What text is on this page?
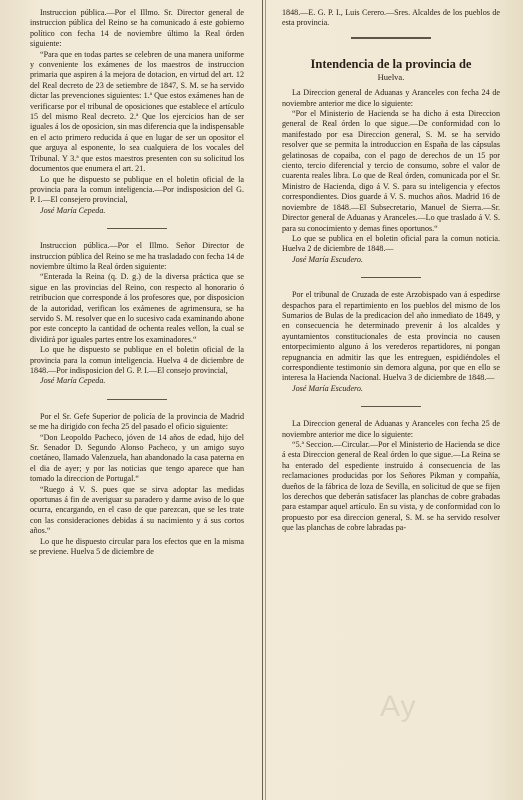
Instruccion pública.—Por el Illmo. Sr. Director general de instruccion pública del Reino se ha comunicado á este gobierno político con fecha 14 de noviembre último la Real órden siguiente:

“Para que en todas partes se celebren de una manera uniforme y conveniente los exámenes de los maestros de instruccion primaria que aspiren á la mejora de dotacion, en virtud del art. 12 del Real decreto de 23 de setiembre de 1847, S. M. se ha servido dictar las prevenciones siguientes: 1.ª Que estos exámenes han de verificarse por el tribunal de oposiciones que establece el artículo 15 del mismo Real decreto. 2.ª Que los ejercicios han de ser iguales á los de oposicion, sin mas diferencia que la indispensable en el acto primero reducida á que en lugar de ser un opositor el que arguya al esponente, lo sea cualquiera de los vocales del Tribunal. Y 3.ª que estos maestros presenten con su solicitud los documentos que enumera el art. 21.

Lo que he dispuesto se publique en el boletin oficial de la provincia para la comun inteligencia.—Por indisposicion del G. P. I.—El consejero provincial,

José María Cepeda.

Instruccion pública.—Por el Illmo. Señor Director de instruccion pública del Reino se me ha trasladado con fecha 14 de noviembre último la Real órden siguiente:

“Enterada la Reina (q. D. g.) de la diversa práctica que se sigue en las provincias del Reino, con respecto al honorario ó retribucion que corresponde á los profesores que, por disposicion de la autoridad, verifican los exámenes de agrimensura, se ha servido S. M. resolver que en lo sucesivo cada examinando abone por este concepto la cantidad de ochenta reales vellon, la cual se dividirá por iguales partes entre los examinadores.“

Lo que he dispuesto se publique en el boletin oficial de la provincia para la comun inteligencia. Huelva 4 de diciembre de 1848.—Por indisposicion del G. P. I.—El consejo provincial,

José María Cepeda.

Por el Sr. Gefe Superior de policía de la provincia de Madrid se me ha dirigido con fecha 25 del pasado el oficio siguiente:

“Don Leopoldo Pacheco, jóven de 14 años de edad, hijo del Sr. Senador D. Segundo Alonso Pacheco, y un amigo suyo coetáneo, llamado Valenzuela, han abandonado la casa paterna en el dia de ayer; y por las noticias que tengo aparece que han tomado la direccion de Portugal.“

“Ruego á V. S. pues que se sirva adoptar las medidas oportunas á fin de averiguar su paradero y darme aviso de lo que ocurra, encargando, en el caso de que parezcan, que se les trate con las consideraciones debidas á su nacimiento y á sus cortos años.“

Lo que he dispuesto circular para los efectos que en la misma se previene. Huelva 5 de diciembre de

1848.—E. G. P. I., Luis Cerero.—Sres. Alcaldes de los pueblos de esta provincia.

Intendencia de la provincia de
Huelva.

La Direccion general de Aduanas y Aranceles con fecha 24 de noviembre anterior me dice lo siguiente:

“Por el Ministerio de Hacienda se ha dicho á esta Direccion general de Real órden lo que sigue.—De conformidad con lo manifestado por esa Direccion general, S. M. se ha servido resolver que se permita la introduccion en España de las cápsulas gelatinosas de copaiba, con el pago de derechos de un 15 por ciento, tercio diferencial y tercio de consumo, sobre el valor de cuarenta reales libra. Lo que de Real órden, comunicada por el Sr. Ministro de Hacienda, digo á V. S. para su inteligencia y efectos correspondientes. Dios guarde á V. S. muchos años. Madrid 16 de noviembre de 1848.—El Subsecretario, Manuel de Sierra.—Sr. Director general de Aduanas y Aranceles.—Lo que traslado á V. S. para su conocimiento y demas fines oportunos.“

Lo que se publica en el boletin oficial para la comun noticia. Huelva 2 de diciembre de 1848.—

José María Escudero.

Por el tribunal de Cruzada de este Arzobispado van á espedirse despachos para el repartimiento en los pueblos del mismo de los Sumarios de Bulas de la predicacion del año inmediato de 1849, y en consecuencia he determinado prevenir á los alcaldes y ayuntamientos constitucionales de esta provincia no causen entorpecimiento alguno á los verederos repartidores, ni pongan repugnancia en admitir las que les entreguen, espidiéndoles el correspondiente testimonio sin demora alguna, por que en ello se interesa la Hacienda Nacional. Huelva 3 de diciembre de 1848.—

José María Escudero.

La Direccion general de Aduanas y Aranceles con fecha 25 de noviembre anterior me dice lo siguiente:

“5.ª Seccion.—Circular.—Por el Ministerio de Hacienda se dice á esta Direccion general de Real órden lo que sigue.—La Reina se ha enterado del espediente instruido á consecuencia de las reclamaciones producidas por los Señores Pikman y compañía, dueños de la fábrica de loza de Sevilla, en solicitud de que se fijen los derechos que deberán satisfacer las planchas de cobre grabadas para estampar aquel artículo. En su vista, y de conformidad con lo propuesto por esa direccion general, S. M. se ha servido resolver que las planchas de cobre labradas pa-

Ay
